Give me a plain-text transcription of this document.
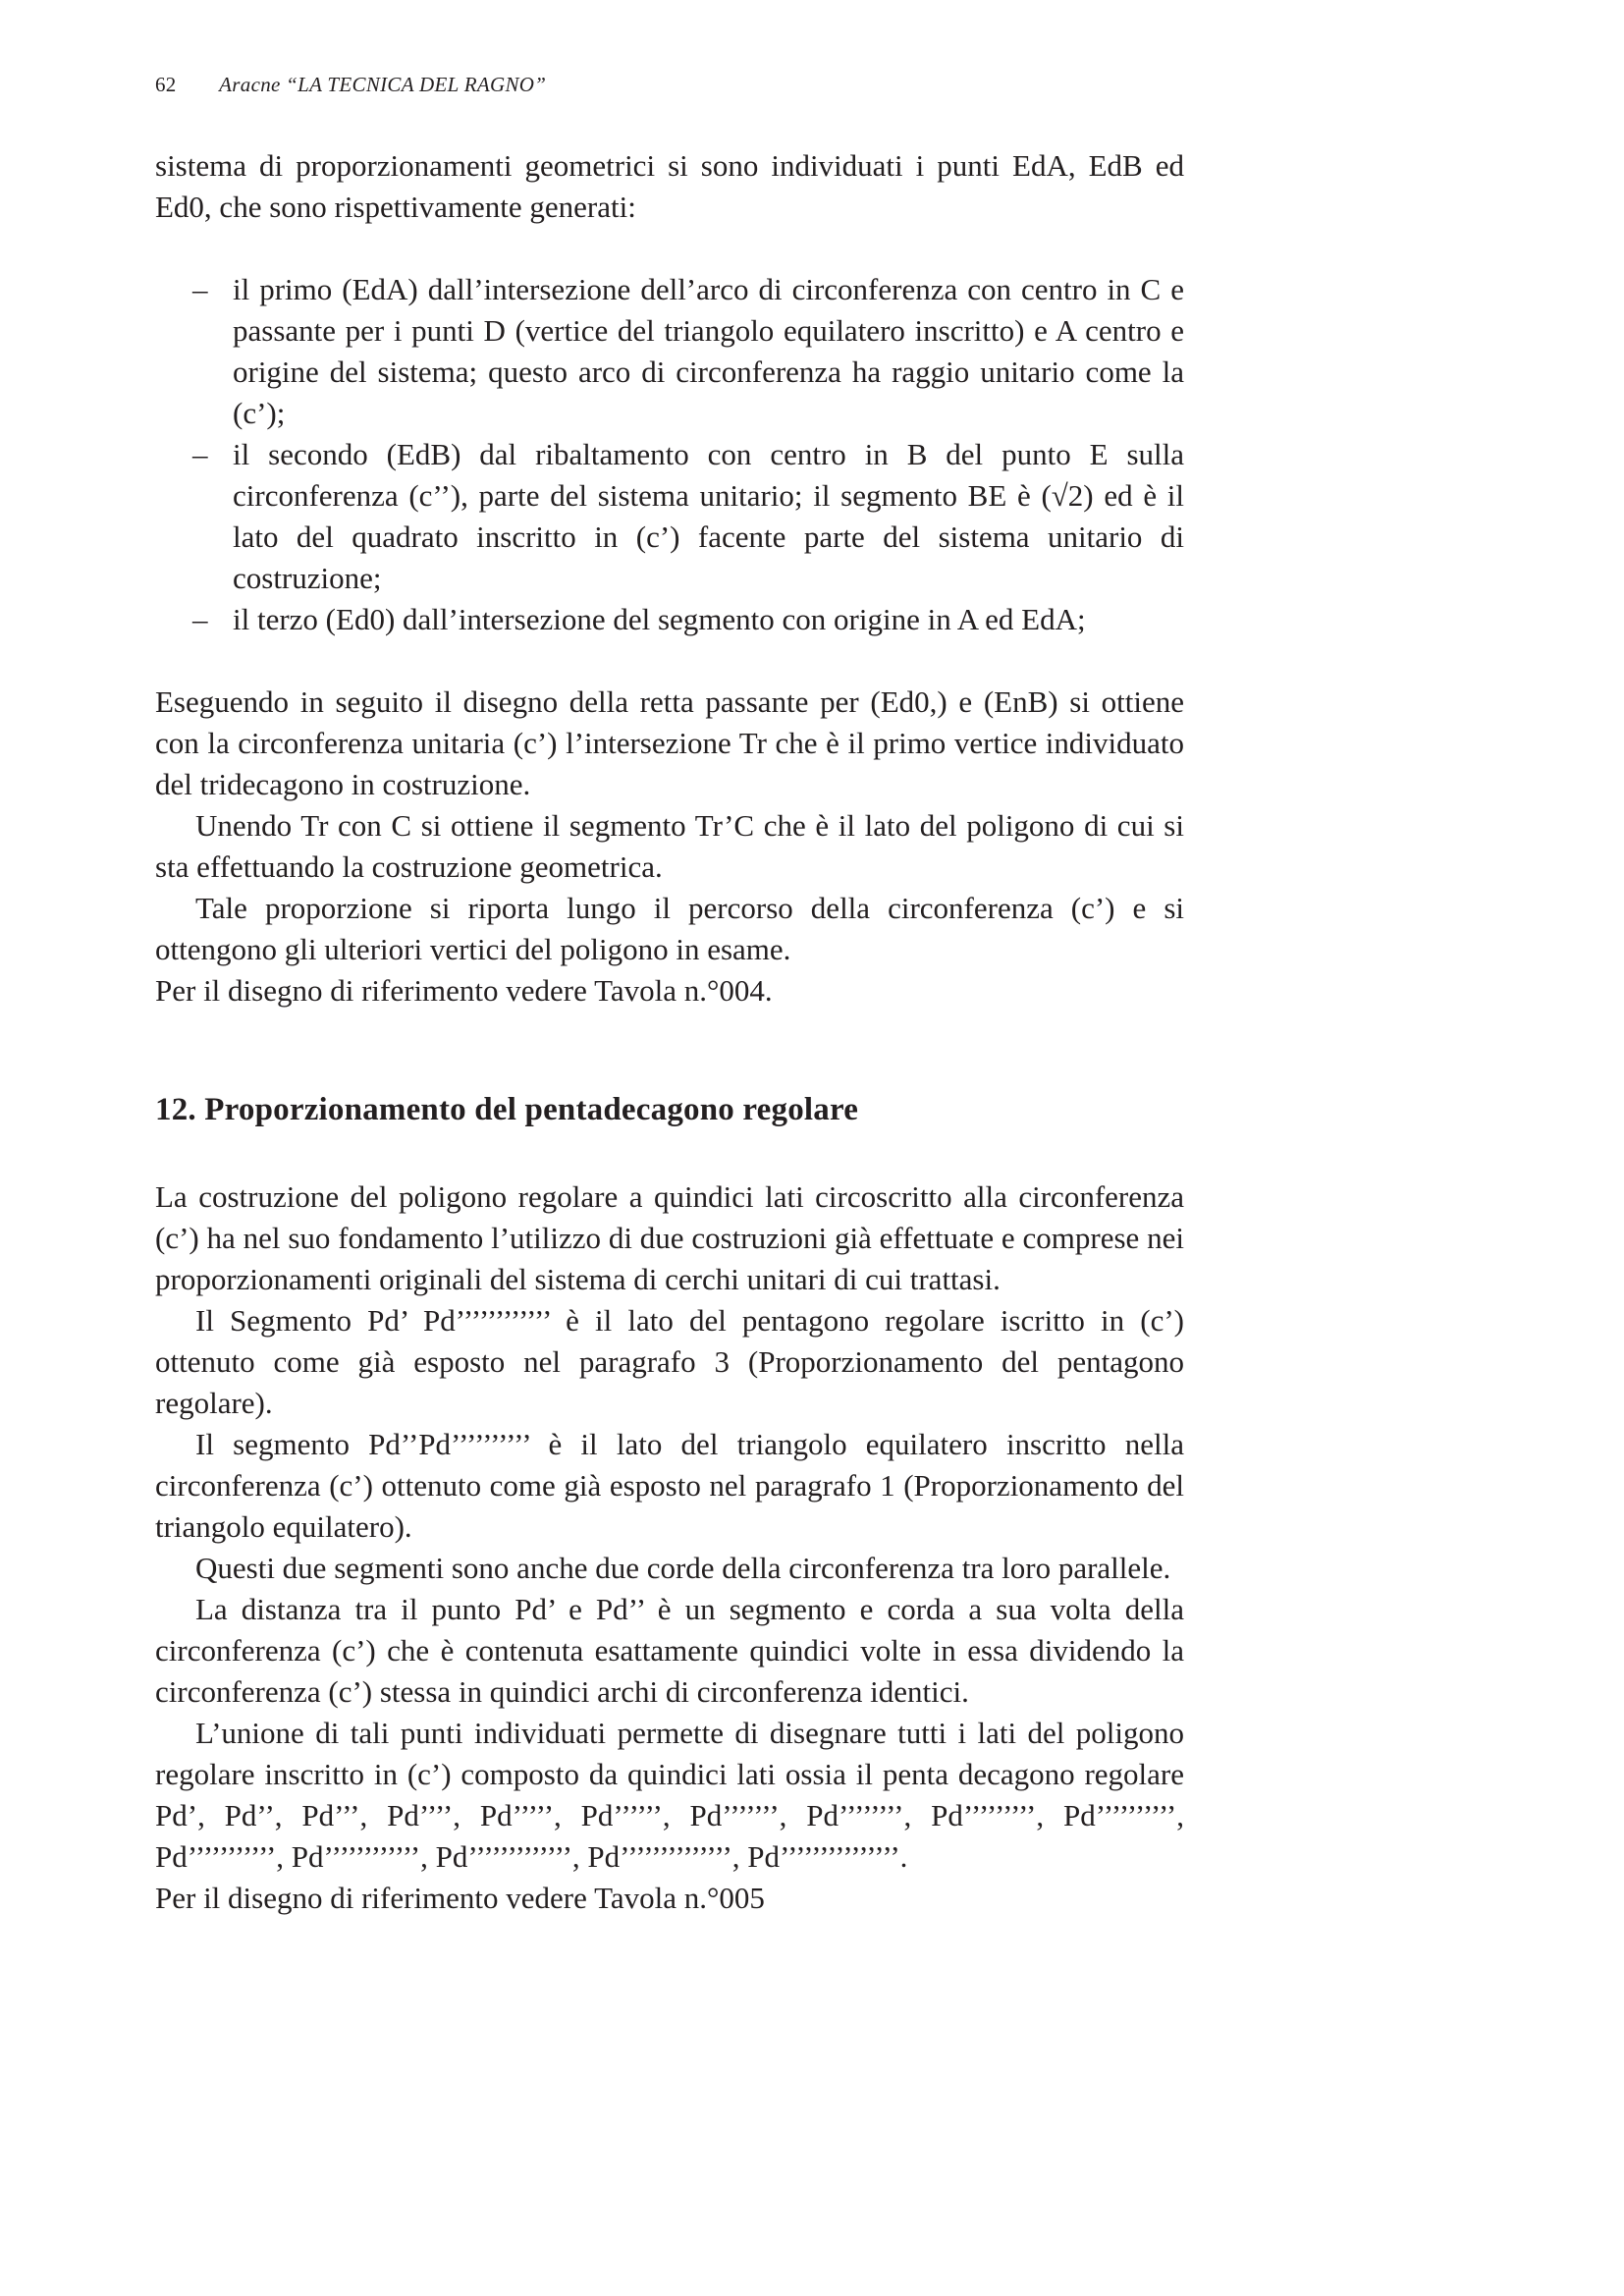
62 Aracne “LA TECNICA DEL RAGNO”

sistema di proporzionamenti geometrici si sono individuati i punti EdA, EdB ed Ed0, che sono rispettivamente generati:

– il primo (EdA) dall’intersezione dell’arco di circonferenza con centro in C e passante per i punti D (vertice del triangolo equilatero inscritto) e A centro e origine del sistema; questo arco di circonferenza ha raggio unitario come la (c’);
– il secondo (EdB) dal ribaltamento con centro in B del punto E sulla circonferenza (c’’), parte del sistema unitario; il segmento BE è (√2) ed è il lato del quadrato inscritto in (c’) facente parte del sistema unitario di costruzione;
– il terzo (Ed0) dall’intersezione del segmento con origine in A ed EdA;

Eseguendo in seguito il disegno della retta passante per (Ed0,) e (EnB) si ottiene con la circonferenza unitaria (c’) l’intersezione Tr che è il primo vertice individuato del tridecagono in costruzione.

Unendo Tr con C si ottiene il segmento Tr’C che è il lato del poligono di cui si sta effettuando la costruzione geometrica.

Tale proporzione si riporta lungo il percorso della circonferenza (c’) e si ottengono gli ulteriori vertici del poligono in esame.

Per il disegno di riferimento vedere Tavola n.°004.

12. Proporzionamento del pentadecagono regolare

La costruzione del poligono regolare a quindici lati circoscritto alla circonferenza (c’) ha nel suo fondamento l’utilizzo di due costruzioni già effettuate e comprese nei proporzionamenti originali del sistema di cerchi unitari di cui trattasi.

Il Segmento Pd’ Pd’’’’’’’’’’’’ è il lato del pentagono regolare iscritto in (c’) ottenuto come già esposto nel paragrafo 3 (Proporzionamento del pentagono regolare).

Il segmento Pd’’Pd’’’’’’’’’’ è il lato del triangolo equilatero inscritto nella circonferenza (c’) ottenuto come già esposto nel paragrafo 1 (Proporzionamento del triangolo equilatero).

Questi due segmenti sono anche due corde della circonferenza tra loro parallele.

La distanza tra il punto Pd’ e Pd’’ è un segmento e corda a sua volta della circonferenza (c’) che è contenuta esattamente quindici volte in essa dividendo la circonferenza (c’) stessa in quindici archi di circonferenza identici.

L’unione di tali punti individuati permette di disegnare tutti i lati del poligono regolare inscritto in (c’) composto da quindici lati ossia il penta decagono regolare Pd’, Pd’’, Pd’’’, Pd’’’’, Pd’’’’’, Pd’’’’’’, Pd’’’’’’’, Pd’’’’’’’’, Pd’’’’’’’’’, Pd’’’’’’’’’’, Pd’’’’’’’’’’’, Pd’’’’’’’’’’’’, Pd’’’’’’’’’’’’’, Pd’’’’’’’’’’’’’’, Pd’’’’’’’’’’’’’’’.

Per il disegno di riferimento vedere Tavola n.°005
